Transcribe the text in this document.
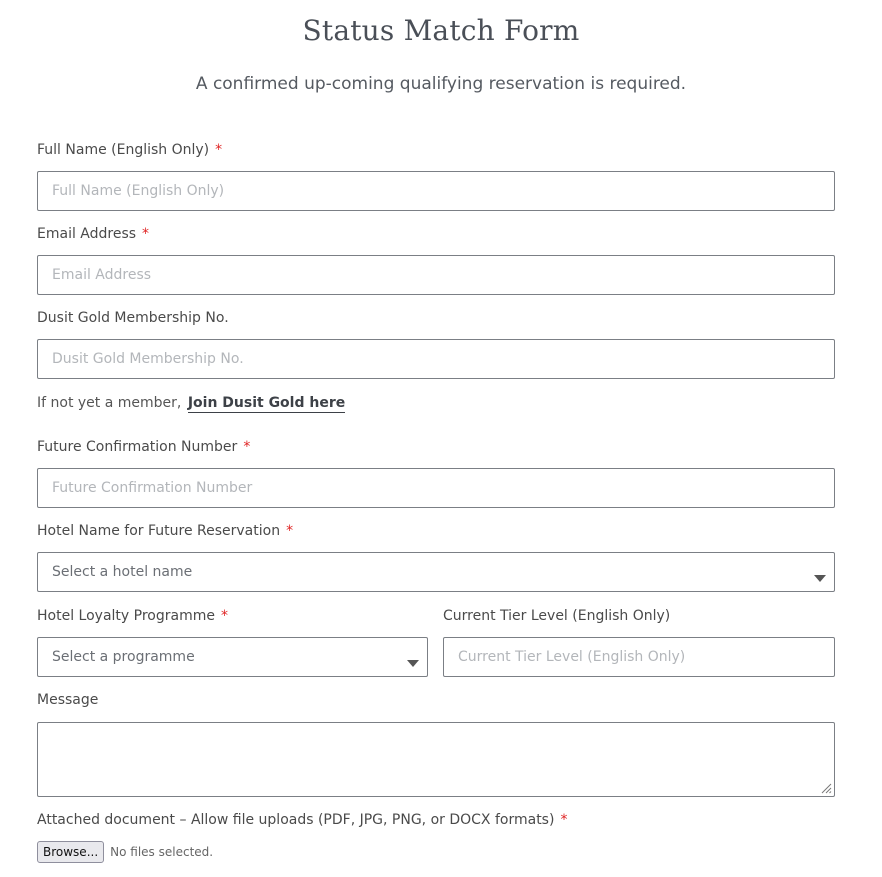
Status Match Form

A confirmed up-coming qualifying reservation is required.

Full Name (English Only) *
Full Name (English Only)
Email Address *
Email Address
Dusit Gold Membership No.
Dusit Gold Membership No.
If not yet a member, Join Dusit Gold here
Future Confirmation Number *
Future Confirmation Number
Hotel Name for Future Reservation *
Select a hotel name
Hotel Loyalty Programme *
Select a programme
Current Tier Level (English Only)
Current Tier Level (English Only)
Message
Attached document – Allow file uploads (PDF, JPG, PNG, or DOCX formats) *
Browse...	No files selected.
